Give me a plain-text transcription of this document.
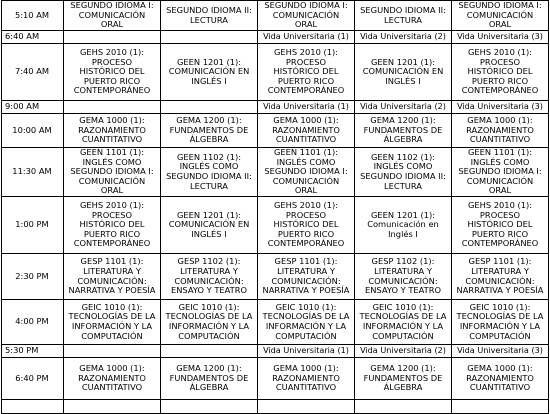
5:10 AM	SEGUNDO IDIOMA I:
COMUNICACIÓN
ORAL	SEGUNDO IDIOMA II:
LECTURA	SEGUNDO IDIOMA I:
COMUNICACIÓN
ORAL	SEGUNDO IDIOMA II:
LECTURA	SEGUNDO IDIOMA I:
COMUNICACIÓN
ORAL

6:40 AM			Vida Universitaria (1)	Vida Universitaria (2)	Vida Universitaria (3)
7:40 AM	GEHS 2010 (1):
PROCESO
HISTÓRICO DEL
PUERTO RICO
CONTEMPORÁNEO	GEEN 1201 (1):
COMUNICACIÓN EN
INGLÉS I	GEHS 2010 (1):
PROCESO
HISTÓRICO DEL
PUERTO RICO
CONTEMPORÁNEO	GEEN 1201 (1):
COMUNICACIÓN EN
INGLÉS I	GEHS 2010 (1):
PROCESO
HISTÓRICO DEL
PUERTO RICO
CONTEMPORÁNEO

9:00 AM			Vida Universitaria (1)	Vida Universitaria (2)	Vida Universitaria (3)
10:00 AM	GEMA 1000 (1):
RAZONAMIENTO
CUANTITATIVO	GEMA 1200 (1):
FUNDAMENTOS DE
ÁLGEBRA	GEMA 1000 (1):
RAZONAMIENTO
CUANTITATIVO	GEMA 1200 (1):
FUNDAMENTOS DE
ÁLGEBRA	GEMA 1000 (1):
RAZONAMIENTO
CUANTITATIVO

11:30 AM	GEEN 1101 (1):
INGLÉS COMO
SEGUNDO IDIOMA I:
COMUNICACIÓN
ORAL	GEEN 1102 (1):
INGLÉS COMO
SEGUNDO IDIOMA II:
LECTURA	GEEN 1101 (1):
INGLÉS COMO
SEGUNDO IDIOMA I:
COMUNICACIÓN
ORAL	GEEN 1102 (1):
INGLÉS COMO
SEGUNDO IDIOMA II:
LECTURA	GEEN 1101 (1):
INGLÉS COMO
SEGUNDO IDIOMA I:
COMUNICACIÓN
ORAL

1:00 PM	GEHS 2010 (1):
PROCESO
HISTÓRICO DEL
PUERTO RICO
CONTEMPORÁNEO	GEEN 1201 (1):
COMUNICACIÓN EN
INGLÉS I	GEHS 2010 (1):
PROCESO
HISTÓRICO DEL
PUERTO RICO
CONTEMPORÁNEO	GEEN 1201 (1):
Comunicación en
Inglés I	GEHS 2010 (1):
PROCESO
HISTÓRICO DEL
PUERTO RICO
CONTEMPORÁNEO

2:30 PM	GESP 1101 (1):
LITERATURA Y
COMUNICACIÓN:
NARRATIVA Y POESÍA	GESP 1102 (1):
LITERATURA Y
COMUNICACIÓN:
ENSAYO Y TEATRO	GESP 1101 (1):
LITERATURA Y
COMUNICACIÓN:
NARRATIVA Y POESÍA	GESP 1102 (1):
LITERATURA Y
COMUNICACIÓN:
ENSAYO Y TEATRO	GESP 1101 (1):
LITERATURA Y
COMUNICACIÓN:
NARRATIVA Y POESÍA

4:00 PM	GEIC 1010 (1):
TECNOLOGÍAS DE LA
INFORMACIÓN Y LA
COMPUTACIÓN	GEIC 1010 (1):
TECNOLOGÍAS DE LA
INFORMACIÓN Y LA
COMPUTACIÓN	GEIC 1010 (1):
TECNOLOGÍAS DE LA
INFORMACIÓN Y LA
COMPUTACIÓN	GEIC 1010 (1):
TECNOLOGÍAS DE LA
INFORMACIÓN Y LA
COMPUTACIÓN	GEIC 1010 (1):
TECNOLOGÍAS DE LA
INFORMACIÓN Y LA
COMPUTACIÓN

5:30 PM			Vida Universitaria (1)	Vida Universitaria (2)	Vida Universitaria (3)
6:40 PM	GEMA 1000 (1):
RAZONAMIENTO
CUANTITATIVO	GEMA 1200 (1):
FUNDAMENTOS DE
ÁLGEBRA	GEMA 1000 (1):
RAZONAMIENTO
CUANTITATIVO	GEMA 1200 (1):
FUNDAMENTOS DE
ÁLGEBRA	GEMA 1000 (1):
RAZONAMIENTO
CUANTITATIVO
